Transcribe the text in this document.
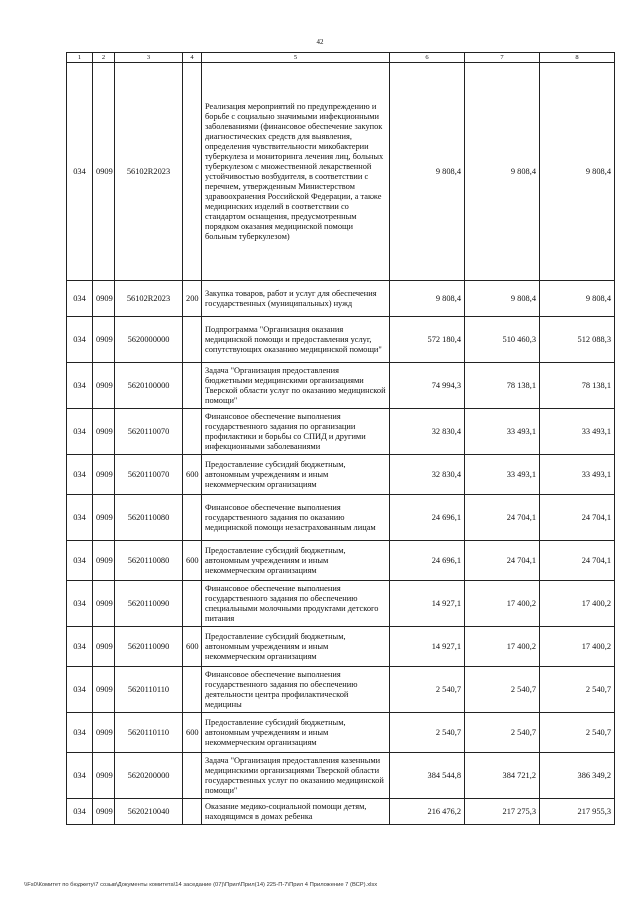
42
1	2	3	4	5	6	7	8
034	0909	56102R2023		Реализация мероприятий по предупреждению и борьбе с социально значимыми инфекционными заболеваниями (финансовое обеспечение закупок диагностических средств для выявления, определения чувствительности микобактерии туберкулеза и мониторинга лечения лиц, больных туберкулезом с множественной лекарственной устойчивостью возбудителя, в соответствии с перечнем, утвержденным Министерством здравоохранения Российской Федерации, а также медицинских изделий в соответствии со стандартом оснащения, предусмотренным порядком оказания медицинской помощи больным туберкулезом)	9 808,4	9 808,4	9 808,4
034	0909	56102R2023	200	Закупка товаров, работ и услуг для обеспечения государственных (муниципальных) нужд	9 808,4	9 808,4	9 808,4
034	0909	5620000000		Подпрограмма "Организация оказания медицинской помощи и предоставления услуг, сопутствующих оказанию медицинской помощи"	572 180,4	510 460,3	512 088,3
034	0909	5620100000		Задача "Организация предоставления бюджетными медицинскими организациями Тверской области услуг по оказанию медицинской помощи"	74 994,3	78 138,1	78 138,1
034	0909	5620110070		Финансовое обеспечение выполнения государственного задания по организации профилактики и борьбы со СПИД и другими инфекционными заболеваниями	32 830,4	33 493,1	33 493,1
034	0909	5620110070	600	Предоставление субсидий бюджетным, автономным учреждениям и иным некоммерческим организациям	32 830,4	33 493,1	33 493,1
034	0909	5620110080		Финансовое обеспечение выполнения государственного задания по оказанию медицинской помощи незастрахованным лицам	24 696,1	24 704,1	24 704,1
034	0909	5620110080	600	Предоставление субсидий бюджетным, автономным учреждениям и иным некоммерческим организациям	24 696,1	24 704,1	24 704,1
034	0909	5620110090		Финансовое обеспечение выполнения государственного задания по обеспечению специальными молочными продуктами детского питания	14 927,1	17 400,2	17 400,2
034	0909	5620110090	600	Предоставление субсидий бюджетным, автономным учреждениям и иным некоммерческим организациям	14 927,1	17 400,2	17 400,2
034	0909	5620110110		Финансовое обеспечение выполнения государственного задания по обеспечению деятельности центра профилактической медицины	2 540,7	2 540,7	2 540,7
034	0909	5620110110	600	Предоставление субсидий бюджетным, автономным учреждениям и иным некоммерческим организациям	2 540,7	2 540,7	2 540,7
034	0909	5620200000		Задача "Организация предоставления казенными медицинскими организациями Тверской области государственных услуг по оказанию медицинской помощи"	384 544,8	384 721,2	386 349,2
034	0909	5620210040		Оказание медико-социальной помощи детям, находящимся в домах ребенка	216 476,2	217 275,3	217 955,3
\\Fs0\Комитет по бюджету\7 созыв\Документы комитета\14 заседание (07)\Прил\Прил(14) 225-П-7\Прил 4 Приложение 7 (ВСР).xlsx
